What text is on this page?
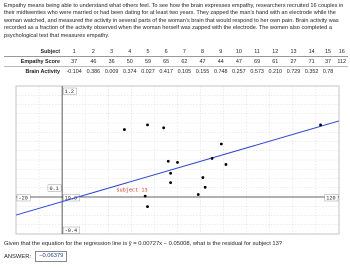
Empathy means being able to understand what others feel. To see how the brain expresses empathy, researchers recruited 16 couples in their midtwenties who were married or had been dating for at least two years. They zapped the man's hand with an electrode while the woman watched, and measured the activity in several parts of the woman's brain that would respond to her own pain. Brain activity was recorded as a fraction of the activity observed when the woman herself was zapped with the electrode. The women also completed a psychological test that measures empathy.
Subject	1	2	3	4	5	6	7	8	9	10	11	12	13	14	15	16
Empathy Score	37	46	36	50	59	65	62	47	44	47	69	61	27	71	37	112
Brain Activity	-0.104	0.386	0.009	0.374	0.027	0.417	0.105	0.155	0.748	0.257	0.573	0.210	0.729	0.352	0.78	
-20	120
1.2
-0.4
0.1
19.0
subject 13
Given that the equation for the regression line is ŷ = 0.00727x − 0.05008, what is the residual for subject 13?
ANSWER:	−0.06379
